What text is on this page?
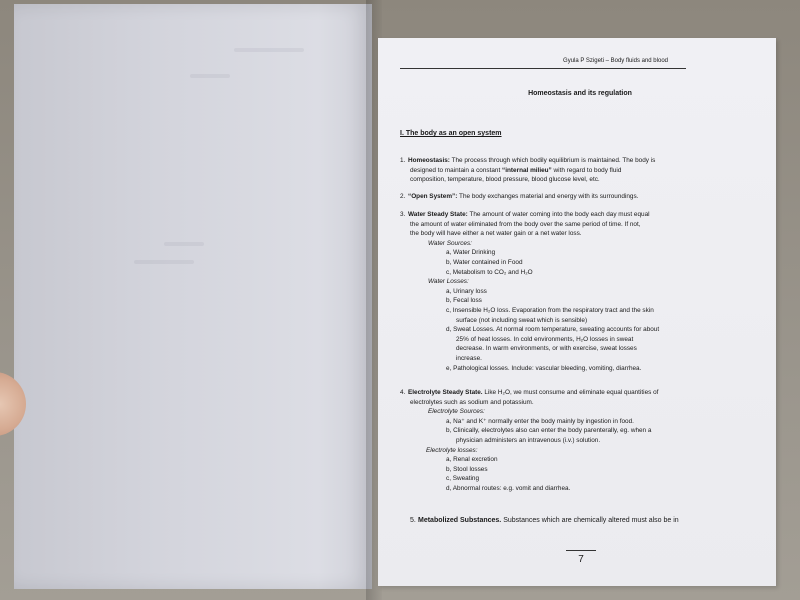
Gyula P Szigeti – Body fluids and blood
Homeostasis and its regulation
I. The body as an open system

1. Homeostasis: The process through which bodily equilibrium is maintained. The body is

designed to maintain a constant “internal milieu” with regard to body fluid

composition, temperature, blood pressure, blood glucose level, etc.

2. “Open System”: The body exchanges material and energy with its surroundings.

3. Water Steady State: The amount of water coming into the body each day must equal

the amount of water eliminated from the body over the same period of time. If not,

the body will have either a net water gain or a net water loss.

Water Sources:

a, Water Drinking

b, Water contained in Food

c, Metabolism to CO₂ and H₂O

Water Losses:

a, Urinary loss

b, Fecal loss

c, Insensible H₂O loss. Evaporation from the respiratory tract and the skin

surface (not including sweat which is sensible)

d, Sweat Losses. At normal room temperature, sweating accounts for about

25% of heat losses. In cold environments, H₂O losses in sweat

decrease. In warm environments, or with exercise, sweat losses

increase.

e, Pathological losses. Include: vascular bleeding, vomiting, diarrhea.

4. Electrolyte Steady State. Like H₂O, we must consume and eliminate equal quantities of

electrolytes such as sodium and potassium.

Electrolyte Sources:

a, Na⁺ and K⁺ normally enter the body mainly by ingestion in food.

b, Clinically, electrolytes also can enter the body parenterally, eg. when a

physician administers an intravenous (i.v.) solution.

Electrolyte losses:

a, Renal excretion

b, Stool losses

c, Sweating

d, Abnormal routes: e.g. vomit and diarrhea.

5. Metabolized Substances. Substances which are chemically altered must also be in

7
